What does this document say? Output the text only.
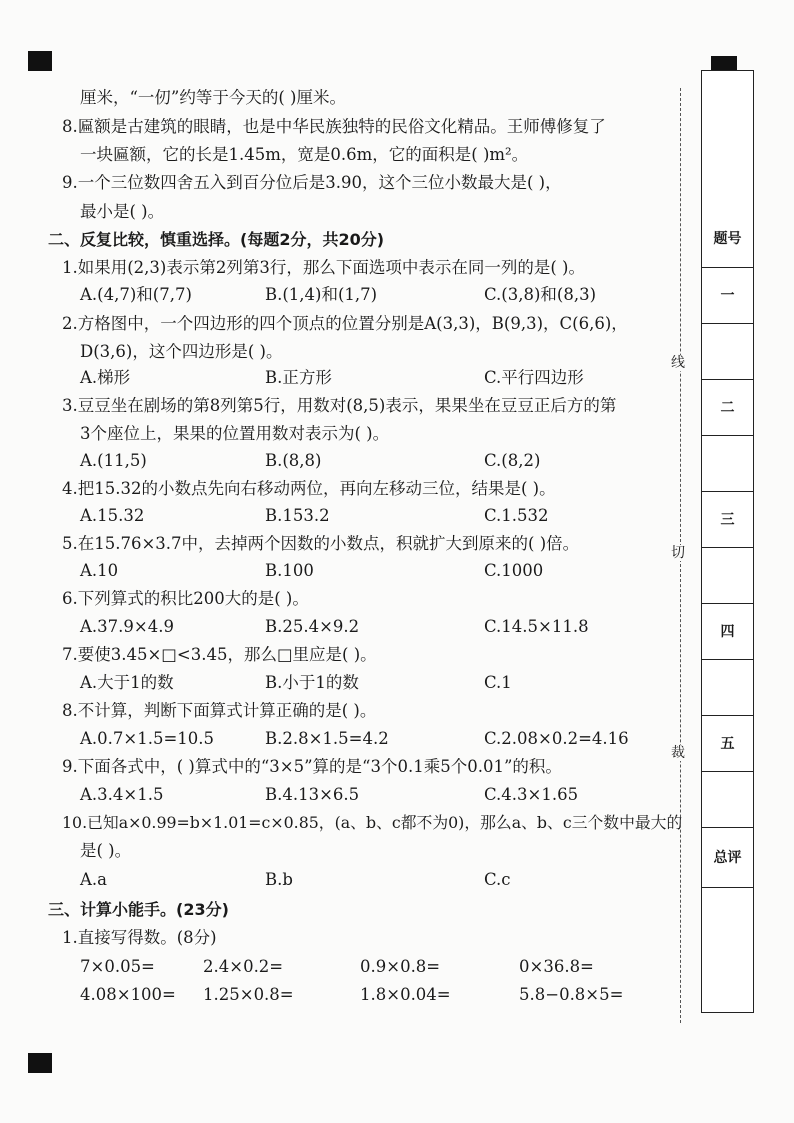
厘米，“一仞”约等于今天的( )厘米。
8.匾额是古建筑的眼睛，也是中华民族独特的民俗文化精品。王师傅修复了
一块匾额，它的长是1.45m，宽是0.6m，它的面积是( )m²。
9.一个三位数四舍五入到百分位后是3.90，这个三位小数最大是( )，
最小是( )。
二、反复比较，慎重选择。(每题2分，共20分)
1.如果用(2,3)表示第2列第3行，那么下面选项中表示在同一列的是( )。
A.(4,7)和(7,7)	B.(1,4)和(1,7)	C.(3,8)和(8,3)
2.方格图中，一个四边形的四个顶点的位置分别是A(3,3)，B(9,3)，C(6,6)，
D(3,6)，这个四边形是( )。
A.梯形	B.正方形	C.平行四边形
3.豆豆坐在剧场的第8列第5行，用数对(8,5)表示，果果坐在豆豆正后方的第
3个座位上，果果的位置用数对表示为( )。
A.(11,5)	B.(8,8)	C.(8,2)
4.把15.32的小数点先向右移动两位，再向左移动三位，结果是( )。
A.15.32	B.153.2	C.1.532
5.在15.76×3.7中，去掉两个因数的小数点，积就扩大到原来的( )倍。
A.10	B.100	C.1000
6.下列算式的积比200大的是( )。
A.37.9×4.9	B.25.4×9.2	C.14.5×11.8
7.要使3.45×□<3.45，那么□里应是( )。
A.大于1的数	B.小于1的数	C.1
8.不计算，判断下面算式计算正确的是( )。
A.0.7×1.5=10.5	B.2.8×1.5=4.2	C.2.08×0.2=4.16
9.下面各式中，( )算式中的“3×5”算的是“3个0.1乘5个0.01”的积。
A.3.4×1.5	B.4.13×6.5	C.4.3×1.65
10.已知a×0.99=b×1.01=c×0.85，(a、b、c都不为0)，那么a、b、c三个数中最大的
是( )。
A.a	B.b	C.c
三、计算小能手。(23分)
1.直接写得数。(8分)
7×0.05=	2.4×0.2=	0.9×0.8=	0×36.8=
4.08×100= 1.25×0.8=	1.8×0.04=	5.8−0.8×5=
线
切
裁
题号
一
二
三
四
五
总评
